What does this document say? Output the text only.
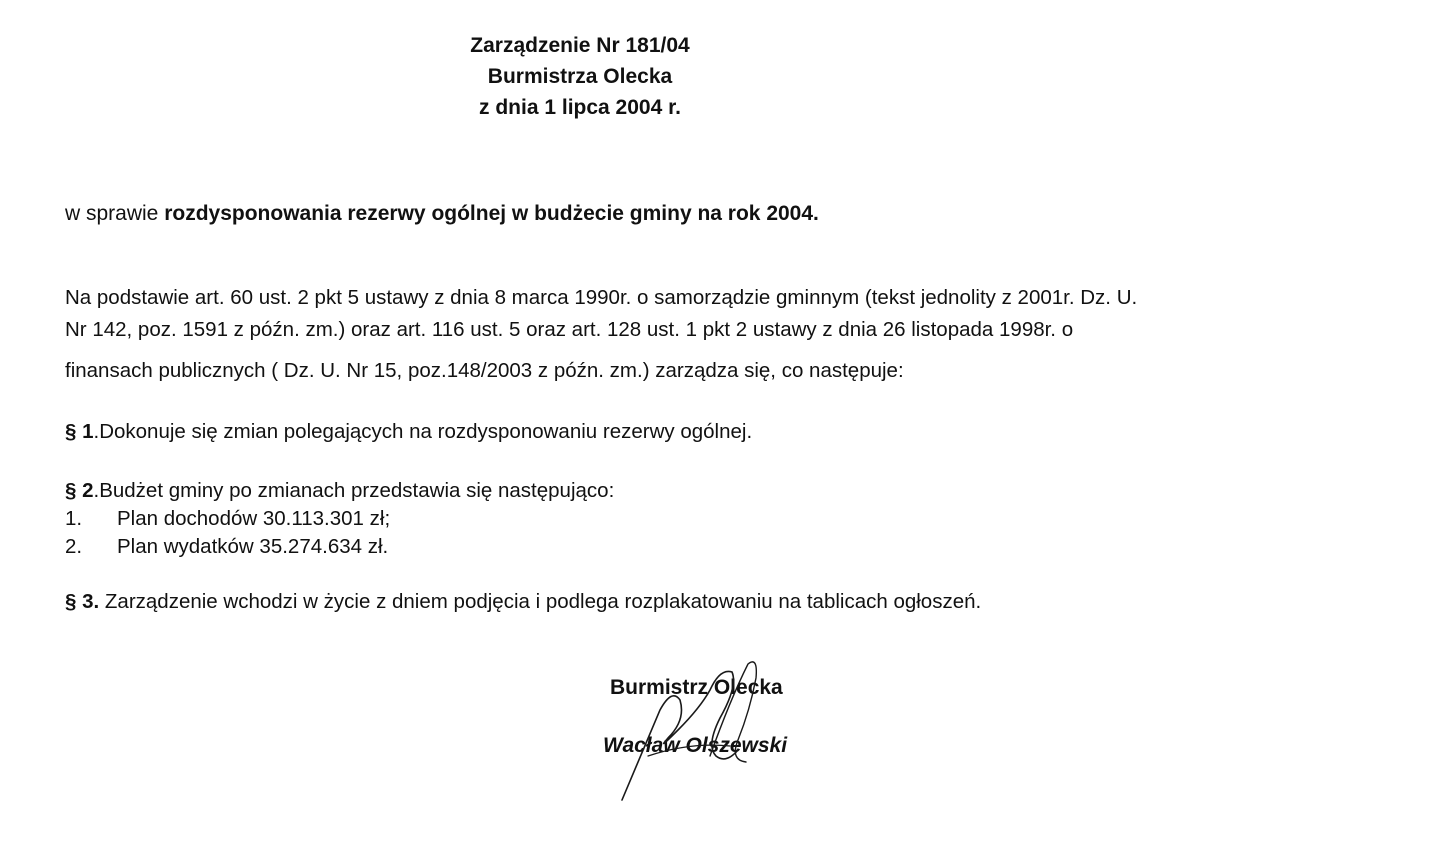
Zarządzenie Nr 181/04
Burmistrza Olecka
z dnia 1 lipca 2004 r.
w sprawie rozdysponowania rezerwy ogólnej w budżecie gminy na rok 2004.
Na podstawie art. 60 ust. 2 pkt 5 ustawy z dnia 8 marca 1990r. o samorządzie gminnym (tekst jednolity z 2001r. Dz. U.
Nr 142, poz. 1591 z późn. zm.) oraz art. 116 ust. 5 oraz art. 128 ust. 1 pkt 2 ustawy z dnia 26 listopada 1998r. o
finansach publicznych ( Dz. U. Nr 15, poz.148/2003 z późn. zm.) zarządza się, co następuje:
§ 1.Dokonuje się zmian polegających na rozdysponowaniu rezerwy ogólnej.
§ 2.Budżet gminy po zmianach przedstawia się następująco:
1. Plan dochodów 30.113.301 zł;
2. Plan wydatków 35.274.634 zł.
§ 3. Zarządzenie wchodzi w życie z dniem podjęcia i podlega rozplakatowaniu na tablicach ogłoszeń.
Burmistrz Olecka
Wacław Olszewski
